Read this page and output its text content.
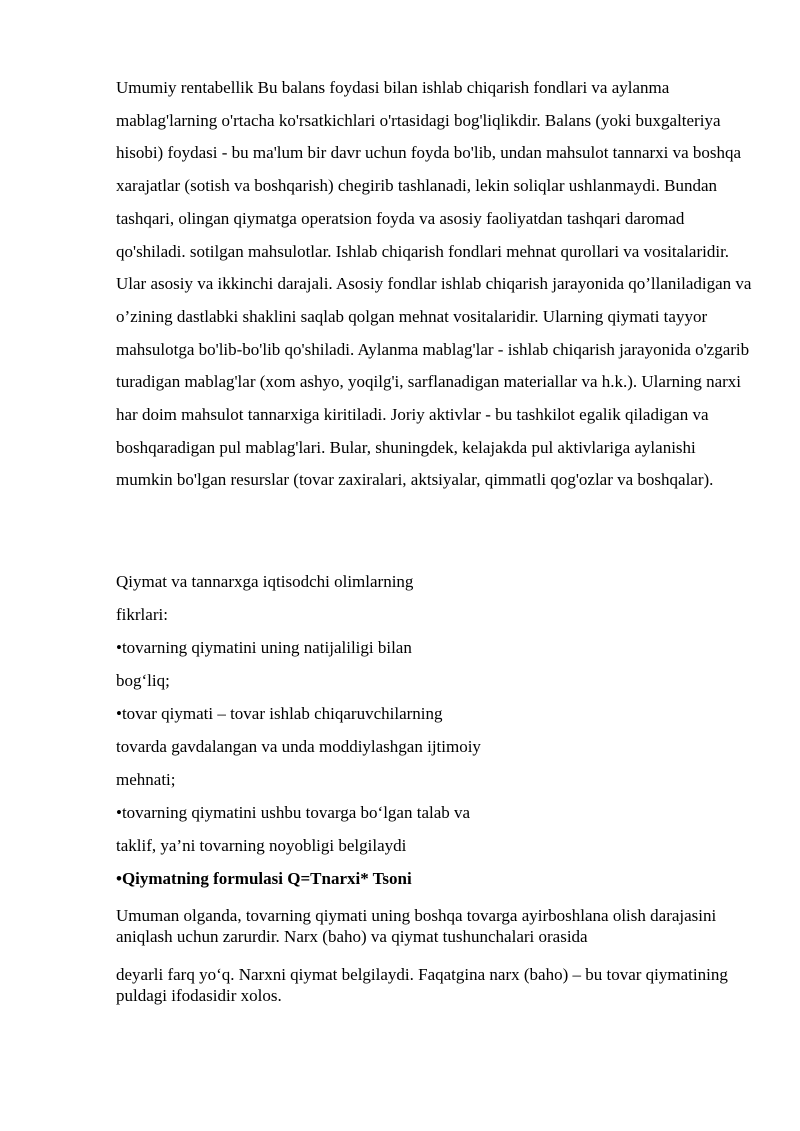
Umumiy rentabellik Bu balans foydasi bilan ishlab chiqarish fondlari va aylanma mablag'larning o'rtacha ko'rsatkichlari o'rtasidagi bog'liqlikdir. Balans (yoki buxgalteriya hisobi) foydasi - bu ma'lum bir davr uchun foyda bo'lib, undan mahsulot tannarxi va boshqa xarajatlar (sotish va boshqarish) chegirib tashlanadi, lekin soliqlar ushlanmaydi. Bundan tashqari, olingan qiymatga operatsion foyda va asosiy faoliyatdan tashqari daromad qo'shiladi. sotilgan mahsulotlar. Ishlab chiqarish fondlari mehnat qurollari va vositalaridir. Ular asosiy va ikkinchi darajali. Asosiy fondlar ishlab chiqarish jarayonida qo’llaniladigan va o’zining dastlabki shaklini saqlab qolgan mehnat vositalaridir. Ularning qiymati tayyor mahsulotga bo'lib-bo'lib qo'shiladi. Aylanma mablag'lar - ishlab chiqarish jarayonida o'zgarib turadigan mablag'lar (xom ashyo, yoqilg'i, sarflanadigan materiallar va h.k.). Ularning narxi har doim mahsulot tannarxiga kiritiladi. Joriy aktivlar - bu tashkilot egalik qiladigan va boshqaradigan pul mablag'lari. Bular, shuningdek, kelajakda pul aktivlariga aylanishi mumkin bo'lgan resurslar (tovar zaxiralari, aktsiyalar, qimmatli qog'ozlar va boshqalar).

Qiymat va tannarxga iqtisodchi olimlarning

fikrlari:

•tovarning qiymatini uning natijaliligi bilan

bog‘liq;

•tovar qiymati – tovar ishlab chiqaruvchilarning

tovarda gavdalangan va unda moddiylashgan ijtimoiy

mehnati;

•tovarning qiymatini ushbu tovarga bo‘lgan talab va

taklif, ya’ni tovarning noyobligi belgilaydi

•Qiymatning formulasi Q=Tnarxi* Tsoni

Umuman olganda, tovarning qiymati uning boshqa tovarga ayirboshlana olish darajasini aniqlash uchun zarurdir. Narx (baho) va qiymat tushunchalari orasida

deyarli farq yo‘q. Narxni qiymat belgilaydi. Faqatgina narx (baho) – bu tovar qiymatining puldagi ifodasidir xolos.
